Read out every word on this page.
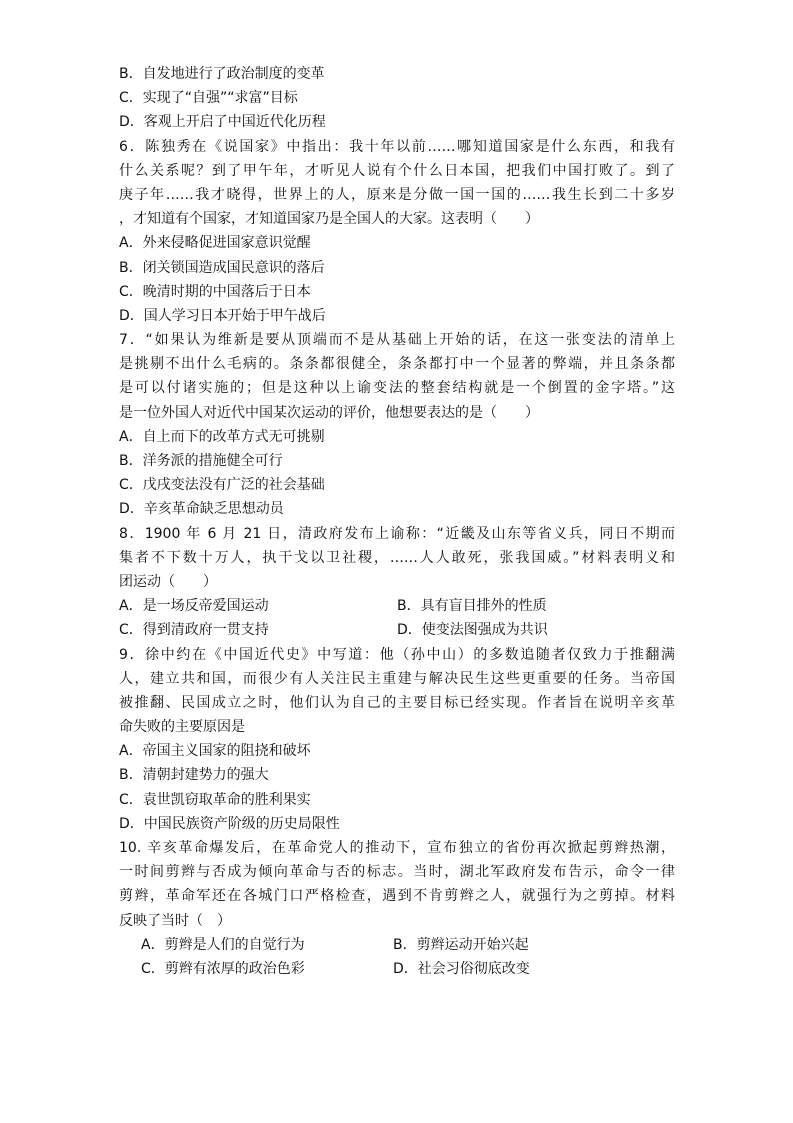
B．自发地进行了政治制度的变革
C．实现了“自强”“求富”目标
D．客观上开启了中国近代化历程
6．陈独秀在《说国家》中指出：我十年以前……哪知道国家是什么东西，和我有
什么关系呢？到了甲午年，才听见人说有个什么日本国，把我们中国打败了。到了
庚子年……我才晓得，世界上的人，原来是分做一国一国的……我生长到二十多岁
，才知道有个国家，才知道国家乃是全国人的大家。这表明（　　）
A．外来侵略促进国家意识觉醒
B．闭关锁国造成国民意识的落后
C．晚清时期的中国落后于日本
D．国人学习日本开始于甲午战后
7．“如果认为维新是要从顶端而不是从基础上开始的话，在这一张变法的清单上
是挑剔不出什么毛病的。条条都很健全，条条都打中一个显著的弊端，并且条条都
是可以付诸实施的；但是这种以上谕变法的整套结构就是一个倒置的金字塔。”这
是一位外国人对近代中国某次运动的评价，他想要表达的是（　　）
A．自上而下的改革方式无可挑剔
B．洋务派的措施健全可行
C．戊戌变法没有广泛的社会基础
D．辛亥革命缺乏思想动员
8．1900 年 6 月 21 日，清政府发布上谕称：“近畿及山东等省义兵，同日不期而
集者不下数十万人，执干戈以卫社稷，……人人敢死，张我国威。”材料表明义和
团运动（　　）
A．是一场反帝爱国运动	B．具有盲目排外的性质
C．得到清政府一贯支持	D．使变法图强成为共识
9．徐中约在《中国近代史》中写道：他（孙中山）的多数追随者仅致力于推翻满
人，建立共和国，而很少有人关注民主重建与解决民生这些更重要的任务。当帝国
被推翻、民国成立之时，他们认为自己的主要目标已经实现。作者旨在说明辛亥革
命失败的主要原因是
A．帝国主义国家的阻挠和破坏
B．清朝封建势力的强大
C．袁世凯窃取革命的胜利果实
D．中国民族资产阶级的历史局限性
10. 辛亥革命爆发后，在革命党人的推动下，宣布独立的省份再次掀起剪辫热潮，
一时间剪辫与否成为倾向革命与否的标志。当时，湖北军政府发布告示，命令一律
剪辫，革命军还在各城门口严格检查，遇到不肯剪辫之人，就强行为之剪掉。材料
反映了当时（　）
A．剪辫是人们的自觉行为	B．剪辫运动开始兴起
C．剪辫有浓厚的政治色彩	D．社会习俗彻底改变
